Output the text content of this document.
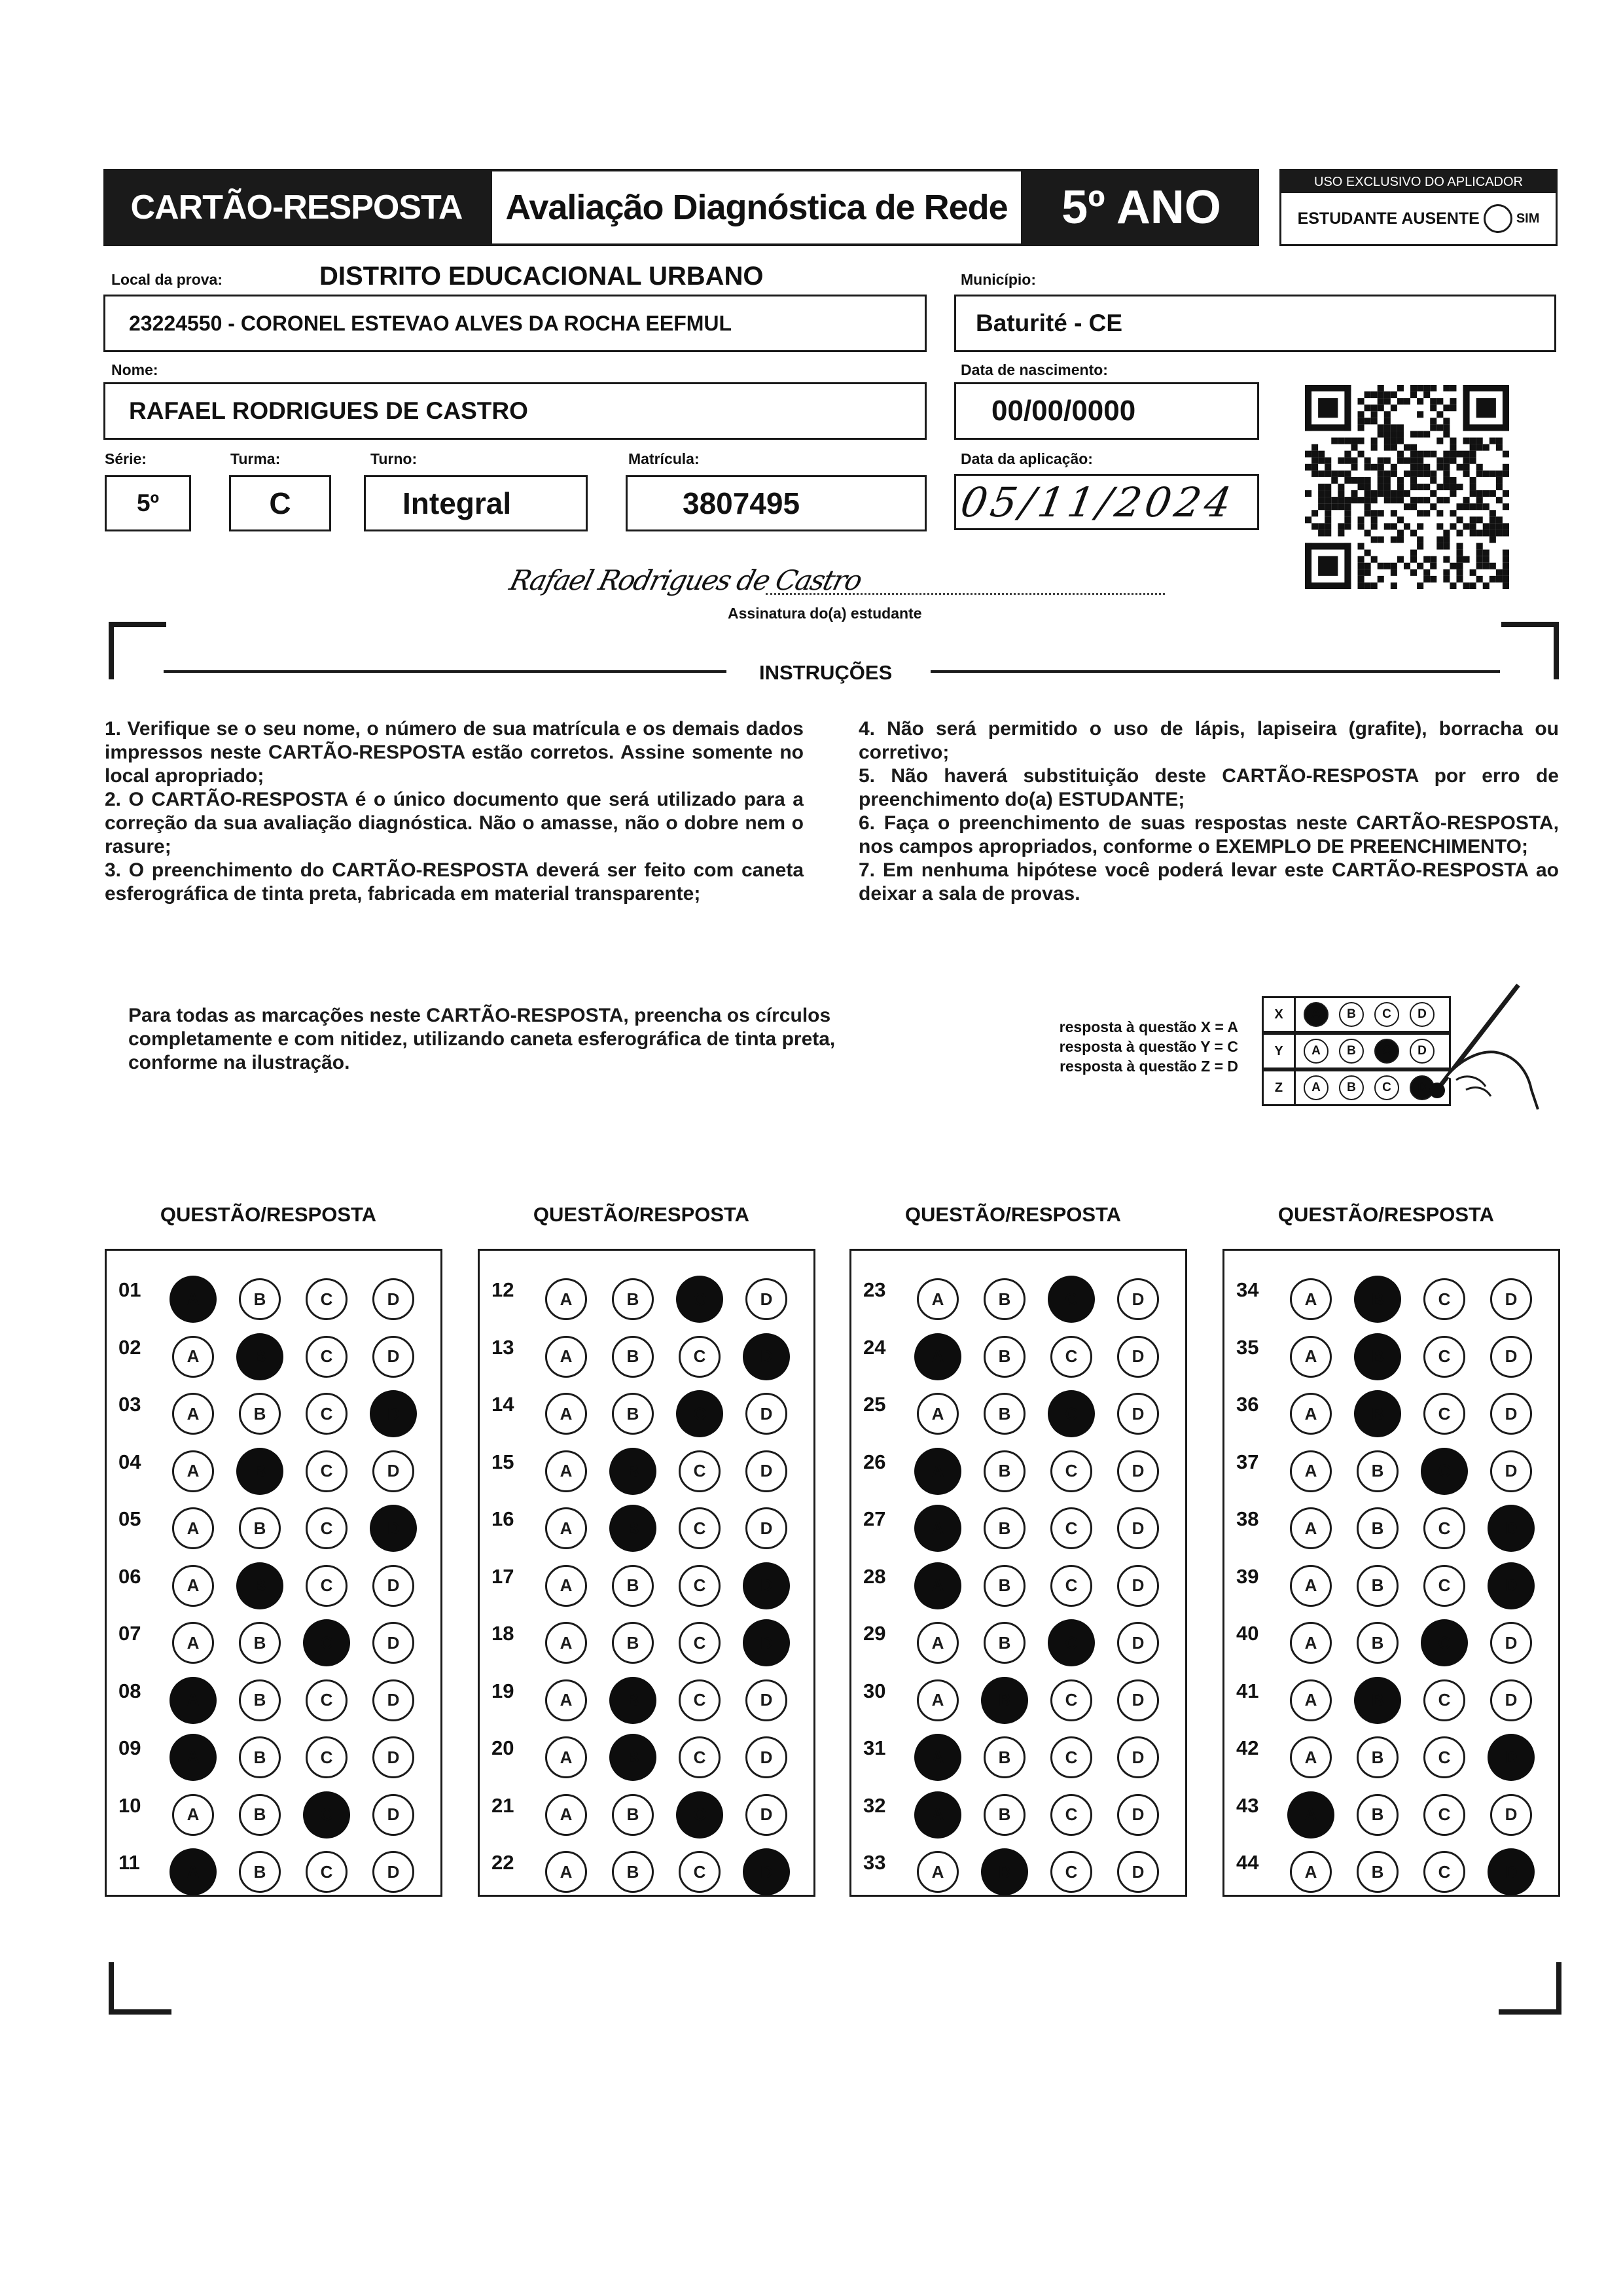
CARTÃO-RESPOSTA	Avaliação Diagnóstica de Rede	5º ANO	USO EXCLUSIVO DO APLICADOR
ESTUDANTE AUSENTE	SIM
Local da prova:	DISTRITO EDUCACIONAL URBANO
23224550 - CORONEL ESTEVAO ALVES DA ROCHA EEFMUL
Município:
Baturité - CE
Nome:
RAFAEL RODRIGUES DE CASTRO
Data de nascimento:
00/00/0000
Série:
5º
Turma:
C
Turno:
Integral
Matrícula:
3807495
Data da aplicação:
05/11/2024
Rafael Rodrigues de Castro
Assinatura do(a) estudante
INSTRUÇÕES

1. Verifique se o seu nome, o número de sua matrícula e os demais dados impressos neste CARTÃO-RESPOSTA estão corretos. Assine somente no local apropriado;

2. O CARTÃO-RESPOSTA é o único documento que será utilizado para a correção da sua avaliação diagnóstica. Não o amasse, não o dobre nem o rasure;

3. O preenchimento do CARTÃO-RESPOSTA deverá ser feito com caneta esferográfica de tinta preta, fabricada em material transparente;

4. Não será permitido o uso de lápis, lapiseira (grafite), borracha ou corretivo;

5. Não haverá substituição deste CARTÃO-RESPOSTA por erro de preenchimento do(a) ESTUDANTE;

6. Faça o preenchimento de suas respostas neste CARTÃO-RESPOSTA, nos campos apropriados, conforme o EXEMPLO DE PREENCHIMENTO;

7. Em nenhuma hipótese você poderá levar este CARTÃO-RESPOSTA ao deixar a sala de provas.

Para todas as marcações neste CARTÃO-RESPOSTA, preencha os círculos completamente e com nitidez, utilizando caneta esferográfica de tinta preta, conforme na ilustração.
resposta à questão X = A
resposta à questão Y = C
resposta à questão Z = D
X	A	B	C	D
Y	A	B	C	D
Z	A	B	C	D
QUESTÃO/RESPOSTA
01	A	B	C	D
02	A	B	C	D
03	A	B	C	D
04	A	B	C	D
05	A	B	C	D
06	A	B	C	D
07	A	B	C	D
08	A	B	C	D
09	A	B	C	D
10	A	B	C	D
11	A	B	C	D
QUESTÃO/RESPOSTA
12	A	B	C	D
13	A	B	C	D
14	A	B	C	D
15	A	B	C	D
16	A	B	C	D
17	A	B	C	D
18	A	B	C	D
19	A	B	C	D
20	A	B	C	D
21	A	B	C	D
22	A	B	C	D
QUESTÃO/RESPOSTA
23	A	B	C	D
24	A	B	C	D
25	A	B	C	D
26	A	B	C	D
27	A	B	C	D
28	A	B	C	D
29	A	B	C	D
30	A	B	C	D
31	A	B	C	D
32	A	B	C	D
33	A	B	C	D
QUESTÃO/RESPOSTA
34	A	B	C	D
35	A	B	C	D
36	A	B	C	D
37	A	B	C	D
38	A	B	C	D
39	A	B	C	D
40	A	B	C	D
41	A	B	C	D
42	A	B	C	D
43	A	B	C	D
44	A	B	C	D
